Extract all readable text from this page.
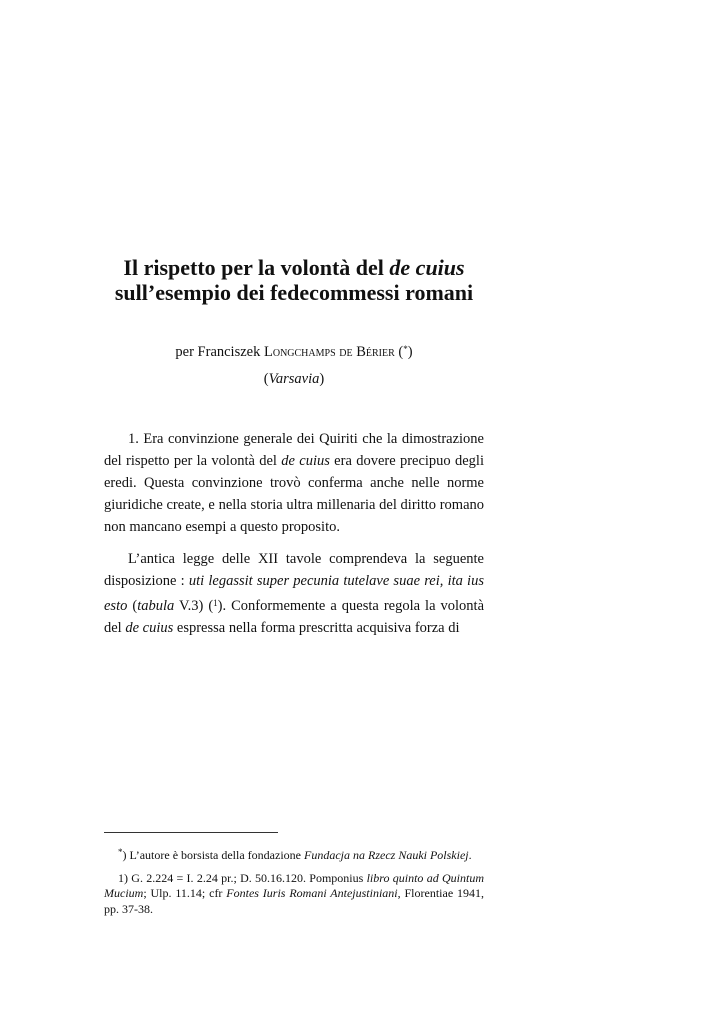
Il rispetto per la volontà del de cuius
sull’esempio dei fedecommessi romani
per Franciszek Longchamps de Bérier (*)
(Varsavia)

1. Era convinzione generale dei Quiriti che la dimostrazione del rispetto per la volontà del de cuius era dovere precipuo degli eredi. Questa convinzione trovò conferma anche nelle norme giuridiche create, e nella storia ultra millenaria del diritto romano non mancano esempi a questo proposito.

L’antica legge delle XII tavole comprendeva la seguente disposizione : uti legassit super pecunia tutelave suae rei, ita ius esto (tabula V.3) ($^1$). Conformemente a questa regola la volontà del de cuius espressa nella forma prescritta acquisiva forza di

*) L’autore è borsista della fondazione Fundacja na Rzecz Nauki Polskiej.

1) G. 2.224 = I. 2.24 pr.; D. 50.16.120. Pomponius libro quinto ad Quintum Mucium; Ulp. 11.14; cfr Fontes Iuris Romani Antejustiniani, Florentiae 1941, pp. 37-38.
